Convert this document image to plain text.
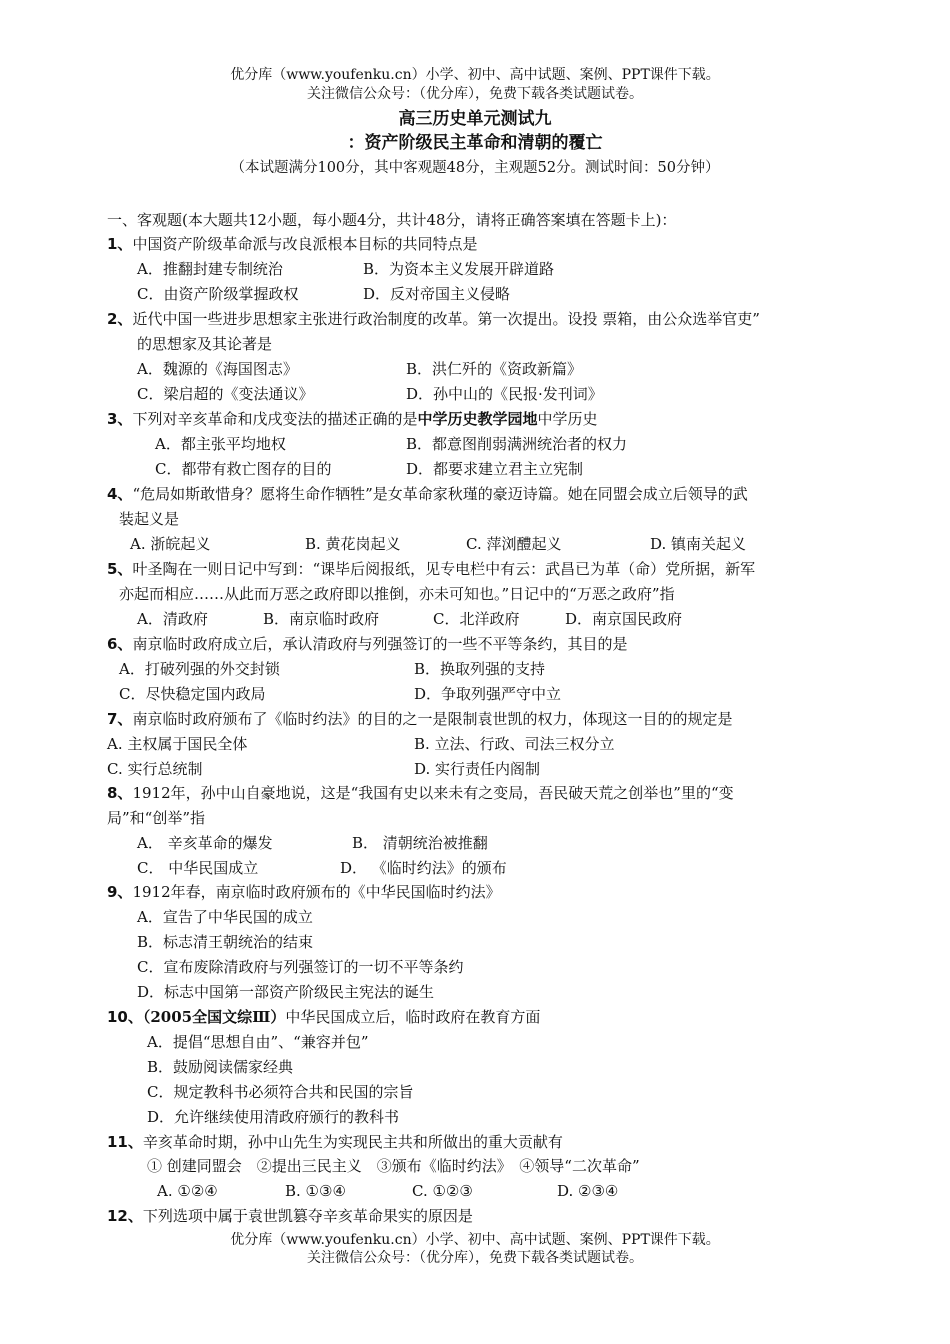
优分库（www.youfenku.cn）小学、初中、高中试题、案例、PPT课件下载。
关注微信公众号：（优分库），免费下载各类试题试卷。
高三历史单元测试九
：资产阶级民主革命和清朝的覆亡
（本试题满分100分，其中客观题48分，主观题52分。测试时间：50分钟）
一、客观题(本大题共12小题，每小题4分，共计48分，请将正确答案填在答题卡上)：
1、中国资产阶级革命派与改良派根本目标的共同特点是
A．推翻封建专制统治	B．为资本主义发展开辟道路
C．由资产阶级掌握政权	D．反对帝国主义侵略
2、近代中国一些进步思想家主张进行政治制度的改革。第一次提出。设投 票箱，由公众选举官吏”
的思想家及其论著是
A．魏源的《海国图志》	B．洪仁歼的《资政新篇》
C．梁启超的《变法通议》	D．孙中山的《民报·发刊词》
3、下列对辛亥革命和戊戌变法的描述正确的是中学历史教学园地中学历史
A．都主张平均地权	B．都意图削弱满洲统治者的权力
C．都带有救亡图存的目的	D．都要求建立君主立宪制
4、“危局如斯敢惜身？愿将生命作牺牲”是女革命家秋瑾的豪迈诗篇。她在同盟会成立后领导的武
装起义是
A. 浙皖起义	B. 黄花岗起义	C. 萍浏醴起义	D. 镇南关起义
5、叶圣陶在一则日记中写到：“课毕后阅报纸，见专电栏中有云：武昌已为革（命）党所据，新军
亦起而相应……从此而万恶之政府即以推倒，亦未可知也。”日记中的“万恶之政府”指
A．清政府	B．南京临时政府	C．北洋政府	D．南京国民政府
6、南京临时政府成立后，承认清政府与列强签订的一些不平等条约，其目的是
A．打破列强的外交封锁	B．换取列强的支持
C．尽快稳定国内政局	D．争取列强严守中立
7、南京临时政府颁布了《临时约法》的目的之一是限制袁世凯的权力，体现这一目的的规定是
A. 主权属于国民全体	B. 立法、行政、司法三权分立
C. 实行总统制	D. 实行责任内阁制
8、1912年，孙中山自豪地说，这是“我国有史以来未有之变局，吾民破天荒之创举也”里的“变
局”和“创举”指
A． 辛亥革命的爆发	B． 清朝统治被推翻
C． 中华民国成立	D． 《临时约法》的颁布
9、1912年春，南京临时政府颁布的《中华民国临时约法》
A．宣告了中华民国的成立
B．标志清王朝统治的结束
C．宣布废除清政府与列强签订的一切不平等条约
D．标志中国第一部资产阶级民主宪法的诞生
10、（2005全国文综Ⅲ）中华民国成立后，临时政府在教育方面
A．提倡“思想自由”、“兼容并包”
B．鼓励阅读儒家经典
C．规定教科书必须符合共和民国的宗旨
D．允许继续使用清政府颁行的教科书
11、辛亥革命时期，孙中山先生为实现民主共和所做出的重大贡献有
① 创建同盟会　②提出三民主义　③颁布《临时约法》　④领导“二次革命”
A. ①②④	B. ①③④	C. ①②③	D. ②③④
12、下列选项中属于袁世凯篡夺辛亥革命果实的原因是
优分库（www.youfenku.cn）小学、初中、高中试题、案例、PPT课件下载。
关注微信公众号：（优分库），免费下载各类试题试卷。
